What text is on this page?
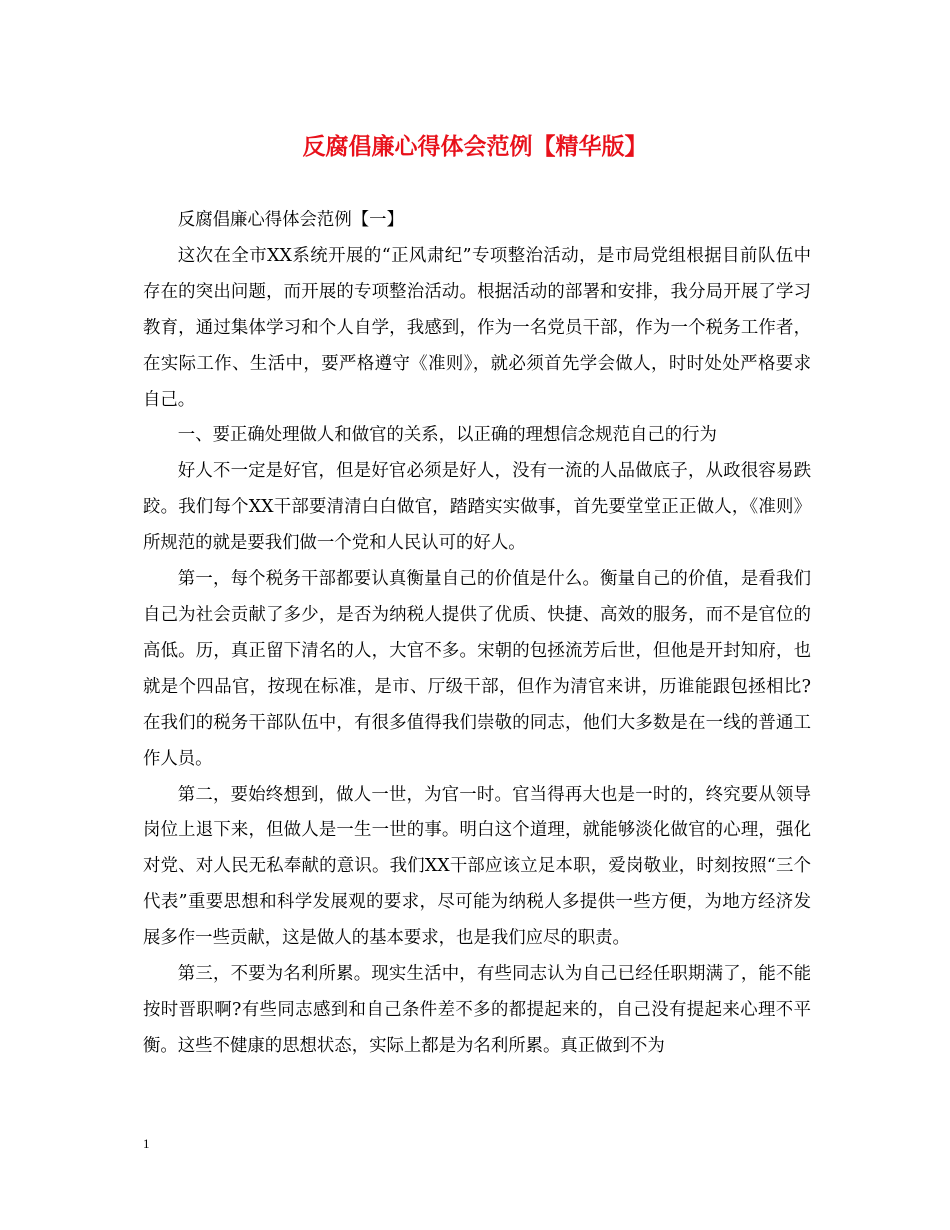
反腐倡廉心得体会范例【精华版】

反腐倡廉心得体会范例【一】

这次在全市XX系统开展的“正风肃纪”专项整治活动，是市局党组根据目前队伍中存在的突出问题，而开展的专项整治活动。根据活动的部署和安排，我分局开展了学习教育，通过集体学习和个人自学，我感到，作为一名党员干部，作为一个税务工作者，在实际工作、生活中，要严格遵守《准则》，就必须首先学会做人，时时处处严格要求自己。

一、要正确处理做人和做官的关系，以正确的理想信念规范自己的行为

好人不一定是好官，但是好官必须是好人，没有一流的人品做底子，从政很容易跌跤。我们每个XX干部要清清白白做官，踏踏实实做事，首先要堂堂正正做人，《准则》所规范的就是要我们做一个党和人民认可的好人。

第一，每个税务干部都要认真衡量自己的价值是什么。衡量自己的价值，是看我们自己为社会贡献了多少，是否为纳税人提供了优质、快捷、高效的服务，而不是官位的高低。历，真正留下清名的人，大官不多。宋朝的包拯流芳后世，但他是开封知府，也就是个四品官，按现在标准，是市、厅级干部，但作为清官来讲，历谁能跟包拯相比?在我们的税务干部队伍中，有很多值得我们崇敬的同志，他们大多数是在一线的普通工作人员。

第二，要始终想到，做人一世，为官一时。官当得再大也是一时的，终究要从领导岗位上退下来，但做人是一生一世的事。明白这个道理，就能够淡化做官的心理，强化对党、对人民无私奉献的意识。我们XX干部应该立足本职，爱岗敬业，时刻按照“三个代表”重要思想和科学发展观的要求，尽可能为纳税人多提供一些方便，为地方经济发展多作一些贡献，这是做人的基本要求，也是我们应尽的职责。

第三，不要为名利所累。现实生活中，有些同志认为自己已经任职期满了，能不能按时晋职啊?有些同志感到和自己条件差不多的都提起来的，自己没有提起来心理不平衡。这些不健康的思想状态，实际上都是为名利所累。真正做到不为

1
